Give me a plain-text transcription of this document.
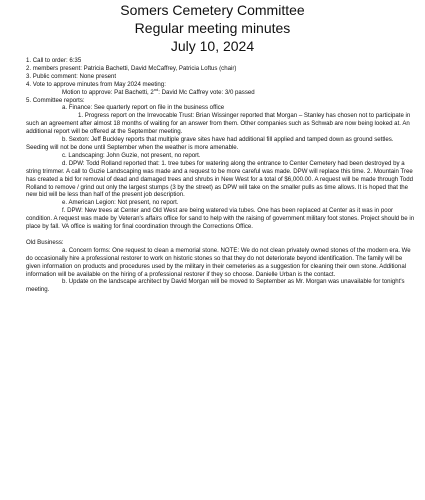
Somers Cemetery Committee
Regular meeting minutes
July 10, 2024
1. Call to order: 6:35
2. members present: Patricia Bachetti, David McCaffrey, Patricia Loftus (chair)
3. Public comment: None present
4. Vote to approve minutes from May 2024 meeting:
Motion to approve: Pat Bachetti, 2nd: David Mc Caffrey vote: 3/0 passed
5. Committee reports:
a. Finance: See quarterly report on file in the business office

1. Progress report on the Irrevocable Trust: Brian Wissinger reported that Morgan – Stanley has chosen not to participate in such an agreement after almost 18 months of waiting for an answer from them. Other companies such as Schwab are now being looked at. An additional report will be offered at the September meeting.

b. Sexton: Jeff Buckley reports that multiple grave sites have had additional fill applied and tamped down as ground settles. Seeding will not be done until September when the weather is more amenable.

c. Landscaping: John Guzie, not present, no report.

d. DPW: Todd Rolland reported that: 1. tree tubes for watering along the entrance to Center Cemetery had been destroyed by a string trimmer. A call to Guzie Landscaping was made and a request to be more careful was made. DPW will replace this time. 2. Mountain Tree has created a bid for removal of dead and damaged trees and shrubs in New West for a total of $6,000.00. A request will be made through Todd Rolland to remove / grind out only the largest stumps (3 by the street) as DPW will take on the smaller pulls as time allows. It is hoped that the new bid will be less than half of the present job description.

e. American Legion: Not present, no report.

f. DPW: New trees at Center and Old West are being watered via tubes. One has been replaced at Center as it was in poor condition. A request was made by Veteran's affairs office for sand to help with the raising of government military foot stones. Project should be in place by fall. VA office is waiting for final coordination through the Corrections Office.

Old Business:

a. Concern forms: One request to clean a memorial stone. NOTE: We do not clean privately owned stones of the modern era. We do occasionally hire a professional restorer to work on historic stones so that they do not deteriorate beyond identification. The family will be given information on products and procedures used by the military in their cemeteries as a suggestion for cleaning their own stone. Additional information will be available on the hiring of a professional restorer if they so choose. Danielle Urban is the contact.

b. Update on the landscape architect by David Morgan will be moved to September as Mr. Morgan was unavailable for tonight's meeting.
